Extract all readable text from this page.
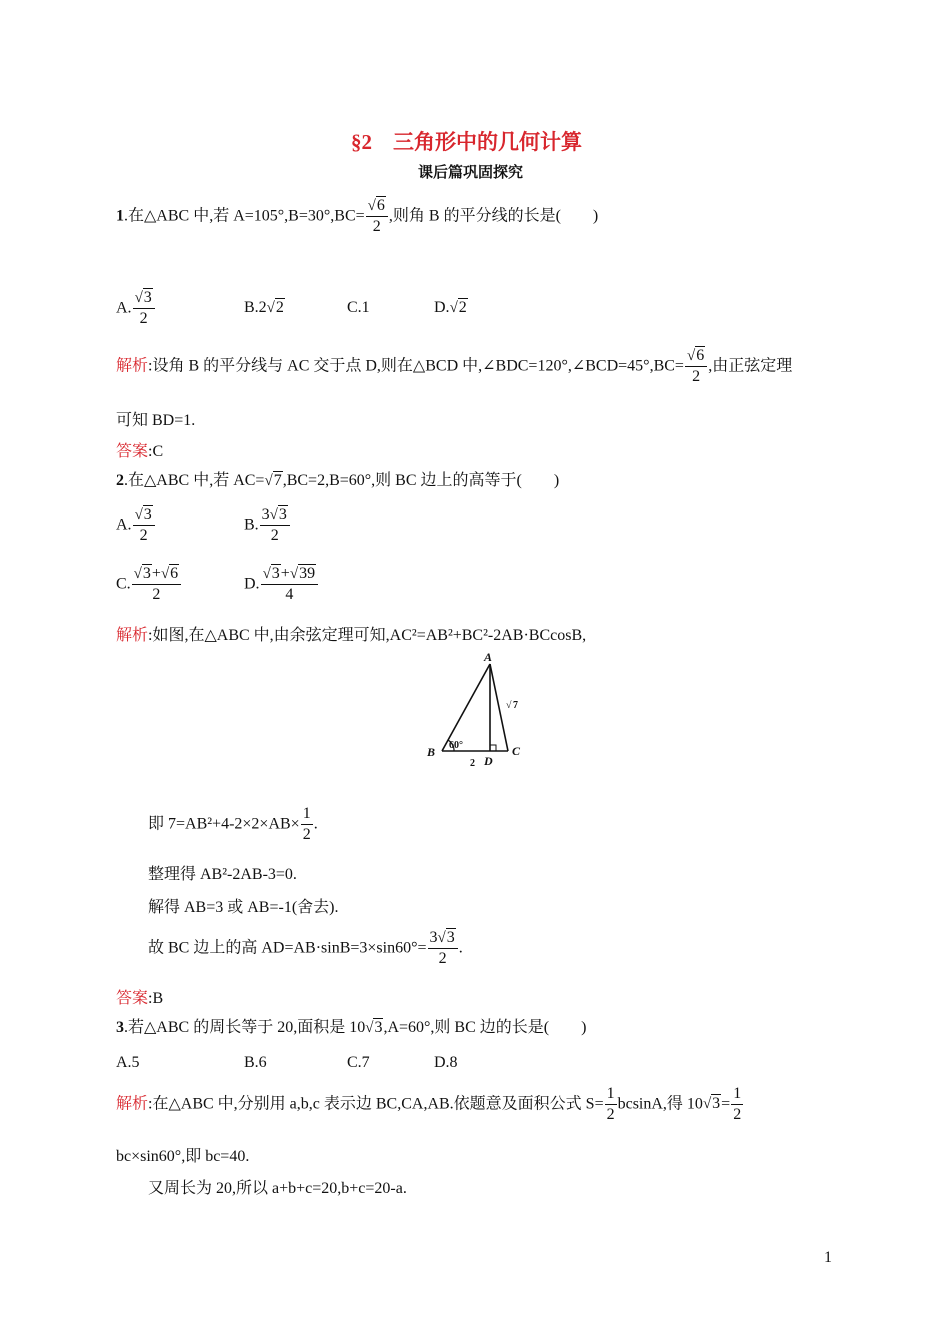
§2　三角形中的几何计算
课后篇巩固探究
1.在△ABC 中,若 $A=105^\circ,B=30^\circ,BC= \frac{√6}{2}$ ,则角 B 的平分线的长是(　　)
A. $\frac{√3}{2}$	B.2√2	C.1	D.√2
解析:设角 B 的平分线与 AC 交于点 D,则在△BCD 中,∠BDC=120°,∠BCD=45°,BC= $\frac{√6}{2}$ ,由正弦定理
可知 BD=1.
答案:C
2.在△ABC 中,若 AC=√7,BC=2,B=60°,则 BC 边上的高等于(　　)
A. $\frac{√3}{2}$	B. $\frac{3√3}{2}$
C. $\frac{√3+√6}{2}$	D. $\frac{√3+√39}{4}$
解析:如图,在△ABC 中,由余弦定理可知,AC²=AB²+BC²-2AB·BCcosB,
A
B	C
D
60°
2
√ 7
即 $7=AB^2+4-2\times 2\times AB\times \frac{1}{2}$ .
整理得 AB²-2AB-3=0.
解得 AB=3 或 AB=-1(舍去).
故 BC 边上的高 $AD=AB\cdot\sin B=3\times\sin 60^\circ= \frac{3√3}{2}$ .
答案:B
3.若△ABC 的周长等于 20,面积是 10√3,A=60°,则 BC 边的长是(　　)
A.5	B.6	C.7	D.8
解析:在△ABC 中,分别用 a,b,c 表示边 BC,CA,AB.依题意及面积公式 $S= \frac{1}{2} bcsinA$,得 $10√3= \frac{1}{2}$
bc×sin60°,即 bc=40.
又周长为 20,所以 a+b+c=20,b+c=20-a.
1
